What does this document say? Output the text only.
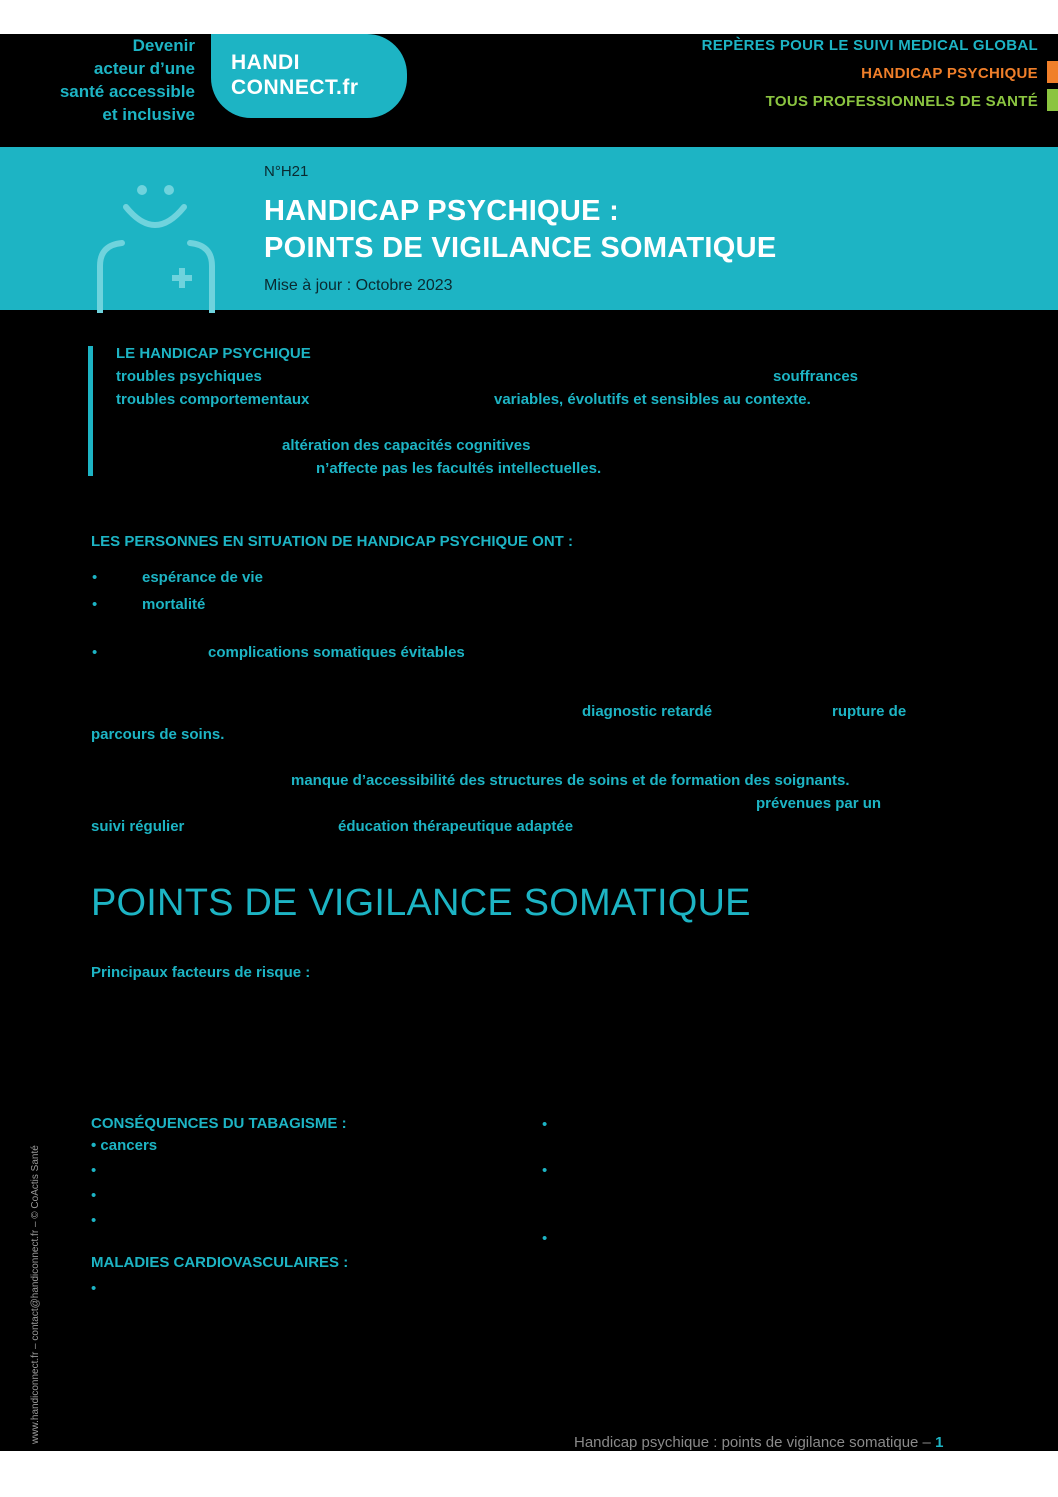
Devenir
acteur d’une
santé accessible
et inclusive
HANDI
CONNECT.fr
REPÈRES POUR LE SUIVI MEDICAL GLOBAL
HANDICAP PSYCHIQUE
TOUS PROFESSIONNELS DE SANTÉ
N°H21
HANDICAP PSYCHIQUE :
POINTS DE VIGILANCE SOMATIQUE
Mise à jour : Octobre 2023
LE HANDICAP PSYCHIQUE
troubles psychiques	souffrances
troubles comportementaux	variables, évolutifs et sensibles au contexte.
altération des capacités cognitives
n’affecte pas les facultés intellectuelles.
LES PERSONNES EN SITUATION DE HANDICAP PSYCHIQUE ONT :
•	espérance de vie
•	mortalité
•	complications somatiques évitables
diagnostic retardé	rupture de
parcours de soins.
manque d’accessibilité des structures de soins et de formation des soignants.
prévenues par un
suivi régulier	éducation thérapeutique adaptée
POINTS DE VIGILANCE SOMATIQUE
Principaux facteurs de risque :
CONSÉQUENCES DU TABAGISME :
• cancers
•
•
•
MALADIES CARDIOVASCULAIRES :
•
•
•
•
www.handiconnect.fr – contact@handiconnect.fr – © CoActis Santé	Handicap psychique : points de vigilance somatique – 1
